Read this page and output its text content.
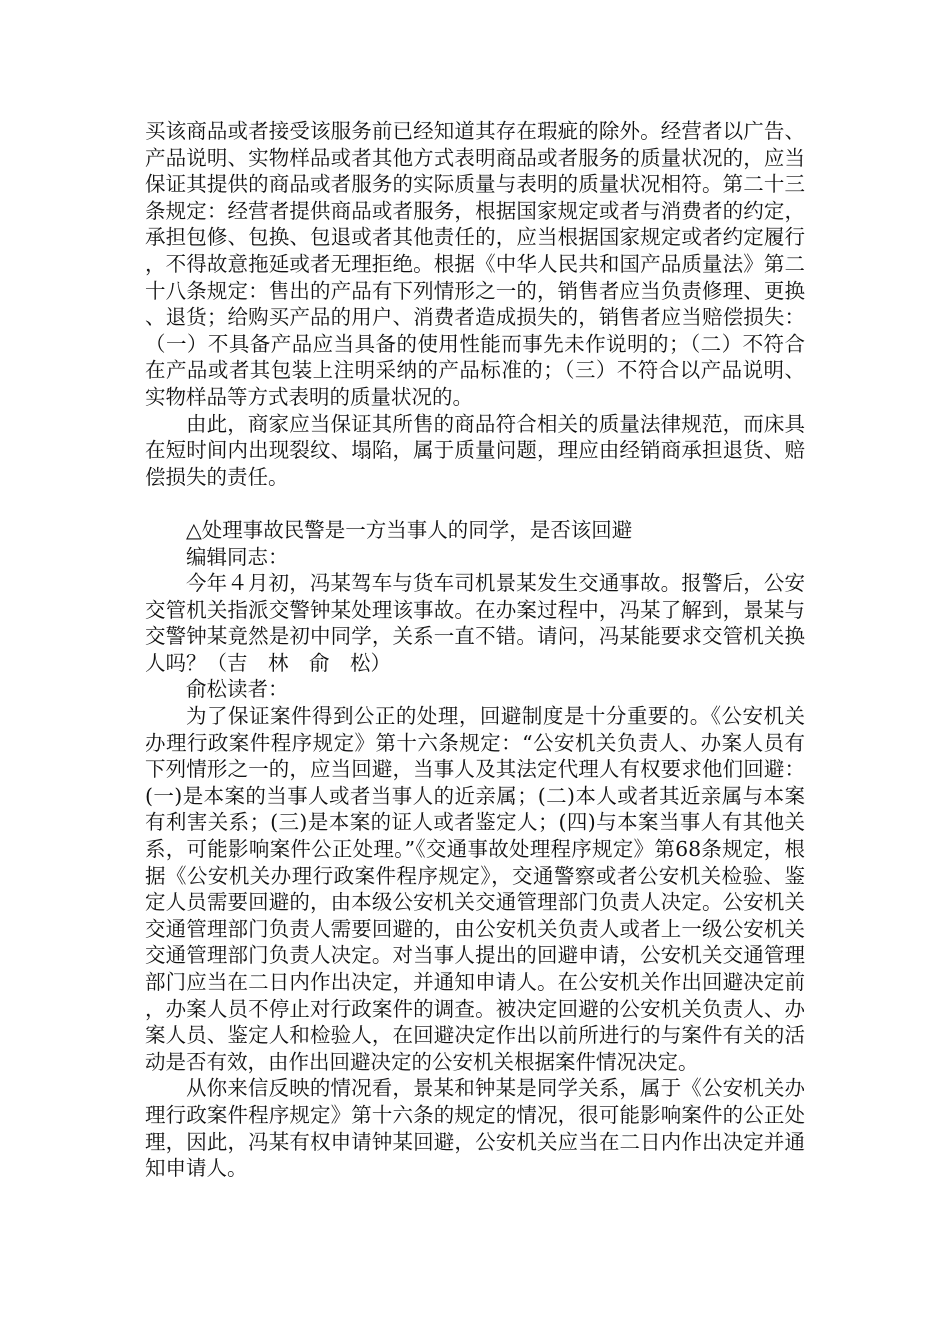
买该商品或者接受该服务前已经知道其存在瑕疵的除外。经营者以广告、产品说明、实物样品或者其他方式表明商品或者服务的质量状况的，应当保证其提供的商品或者服务的实际质量与表明的质量状况相符。第二十三条规定：经营者提供商品或者服务，根据国家规定或者与消费者的约定，承担包修、包换、包退或者其他责任的，应当根据国家规定或者约定履行，不得故意拖延或者无理拒绝。根据《中华人民共和国产品质量法》第二十八条规定：售出的产品有下列情形之一的，销售者应当负责修理、更换、退货；给购买产品的用户、消费者造成损失的，销售者应当赔偿损失：（一）不具备产品应当具备的使用性能而事先未作说明的；（二）不符合在产品或者其包装上注明采纳的产品标准的；（三）不符合以产品说明、实物样品等方式表明的质量状况的。

由此，商家应当保证其所售的商品符合相关的质量法律规范，而床具在短时间内出现裂纹、塌陷，属于质量问题，理应由经销商承担退货、赔偿损失的责任。

△处理事故民警是一方当事人的同学，是否该回避

编辑同志：

今年４月初，冯某驾车与货车司机景某发生交通事故。报警后，公安交管机关指派交警钟某处理该事故。在办案过程中，冯某了解到，景某与交警钟某竟然是初中同学，关系一直不错。请问，冯某能要求交管机关换人吗？（吉　林　俞　松）

俞松读者：

为了保证案件得到公正的处理，回避制度是十分重要的。《公安机关办理行政案件程序规定》第十六条规定：“公安机关负责人、办案人员有下列情形之一的，应当回避，当事人及其法定代理人有权要求他们回避：(一)是本案的当事人或者当事人的近亲属；(二)本人或者其近亲属与本案有利害关系；(三)是本案的证人或者鉴定人；(四)与本案当事人有其他关系，可能影响案件公正处理。”《交通事故处理程序规定》第68条规定，根据《公安机关办理行政案件程序规定》，交通警察或者公安机关检验、鉴定人员需要回避的，由本级公安机关交通管理部门负责人决定。公安机关交通管理部门负责人需要回避的，由公安机关负责人或者上一级公安机关交通管理部门负责人决定。对当事人提出的回避申请，公安机关交通管理部门应当在二日内作出决定，并通知申请人。在公安机关作出回避决定前，办案人员不停止对行政案件的调查。被决定回避的公安机关负责人、办案人员、鉴定人和检验人，在回避决定作出以前所进行的与案件有关的活动是否有效，由作出回避决定的公安机关根据案件情况决定。

从你来信反映的情况看，景某和钟某是同学关系，属于《公安机关办理行政案件程序规定》第十六条的规定的情况，很可能影响案件的公正处理，因此，冯某有权申请钟某回避，公安机关应当在二日内作出决定并通知申请人。
